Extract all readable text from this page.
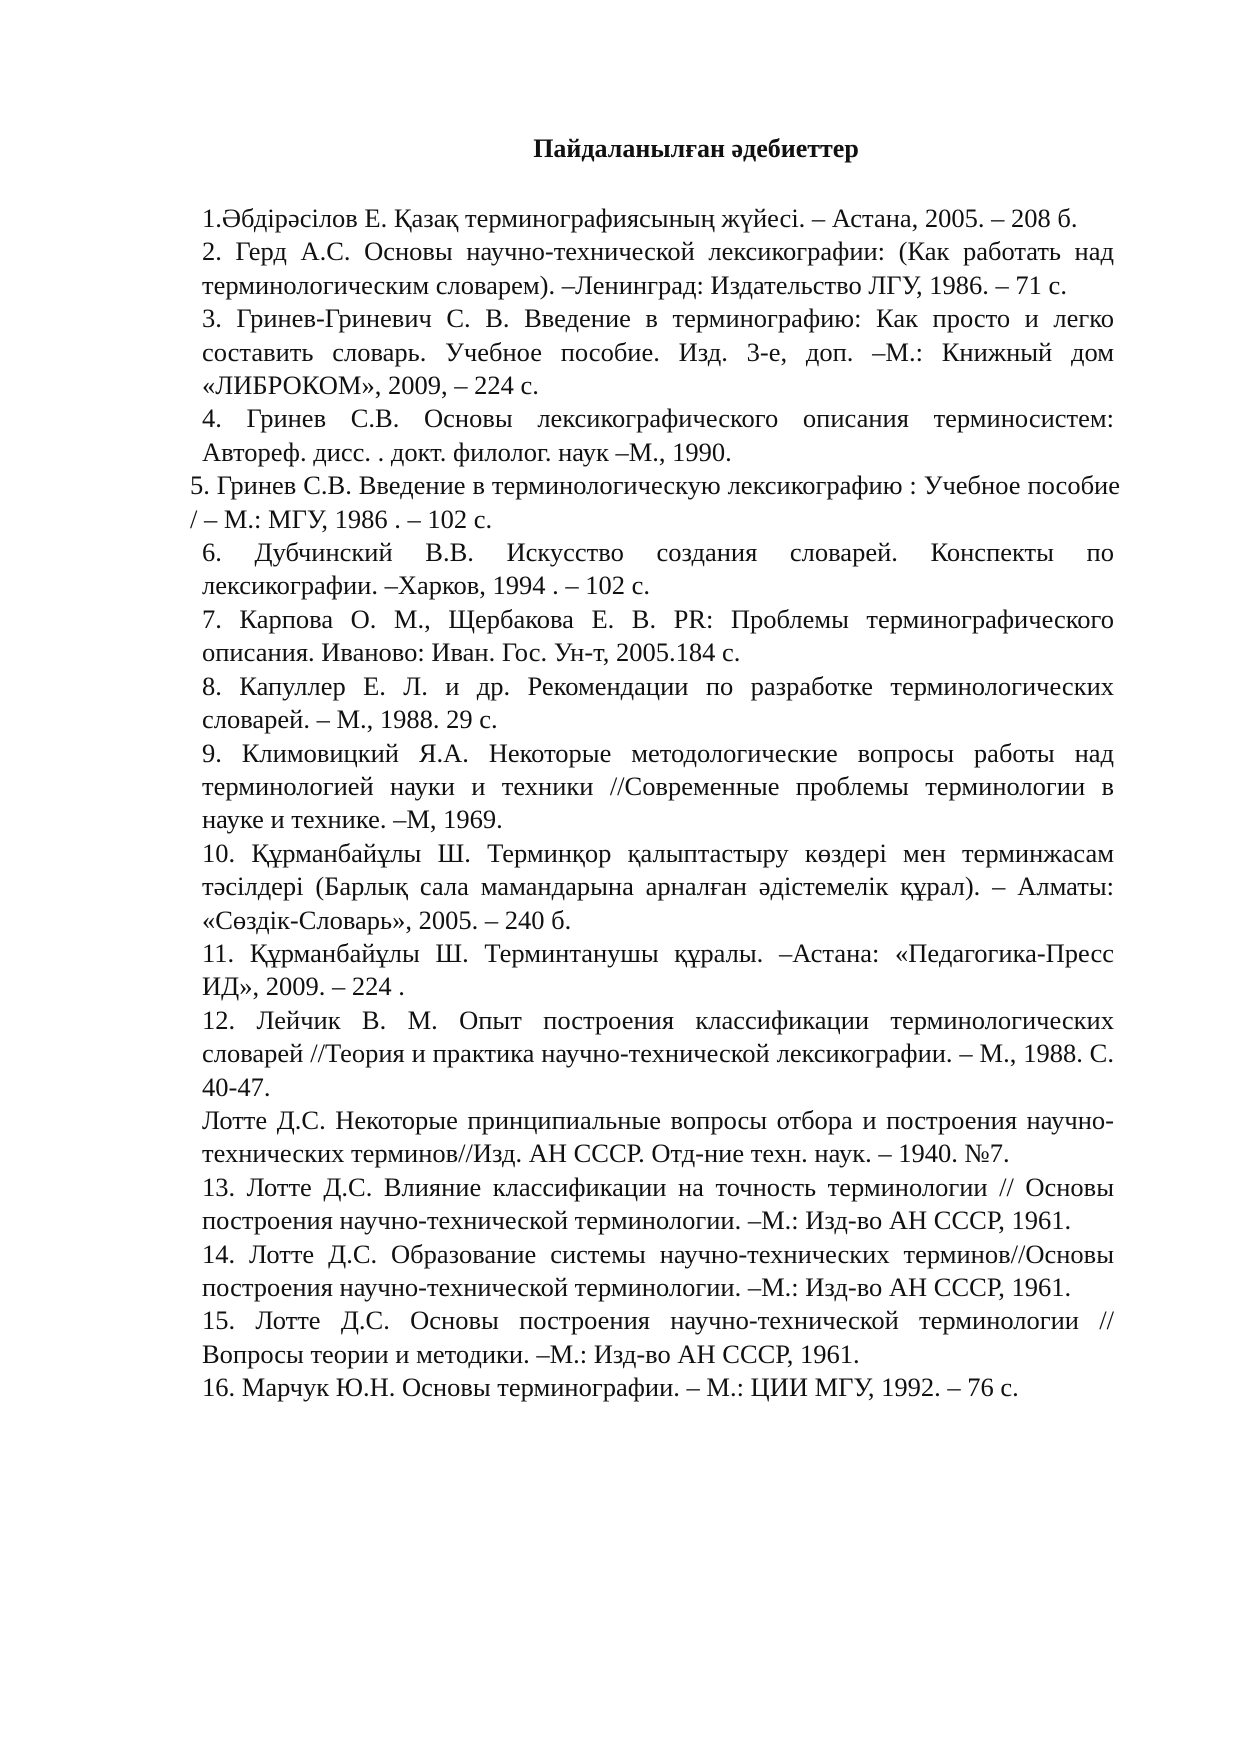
Пайдаланылған әдебиеттер

1.Әбдірәсілов Е. Қазақ терминографиясының жүйесі. – Астана, 2005. – 208 б.

2. Герд А.С. Основы научно-технической лексикографии: (Как работать над терминологическим словарем). –Ленинград: Издательство ЛГУ, 1986. – 71 с.

3. Гринев-Гриневич С. В. Введение в терминографию: Как просто и легко составить словарь. Учебное пособие. Изд. 3-е, доп. –М.: Книжный дом «ЛИБРОКОМ», 2009, – 224 с.

4. Гринев С.В. Основы лексикографического описания терминосистем: Автореф. дисс. . докт. филолог. наук –М., 1990.

5. Гринев С.В. Введение в терминологическую лексикографию : Учебное пособие / – М.: МГУ, 1986 . – 102 с.

6. Дубчинский В.В. Искусство создания словарей. Конспекты по лексикографии. –Харков, 1994 . – 102 с.

7. Карпова О. М., Щербакова Е. В. PR: Проблемы терминографического описания. Иваново: Иван. Гос. Ун-т, 2005.184 с.

8. Капуллер Е. Л. и др. Рекомендации по разработке терминологических словарей. – М., 1988. 29 с.

9. Климовицкий Я.А. Некоторые методологические вопросы работы над терминологией науки и техники //Современные проблемы терминологии в науке и технике. –М, 1969.

10. Құрманбайұлы Ш. Терминқор қалыптастыру көздері мен терминжасам тәсілдері (Барлық сала мамандарына арналған әдістемелік құрал). – Алматы: «Сөздік-Словарь», 2005. – 240 б.

11. Құрманбайұлы Ш. Терминтанушы құралы. –Астана: «Педагогика-Пресс ИД», 2009. – 224 .

12. Лейчик В. М. Опыт построения классификации терминологических словарей //Теория и практика научно-технической лексикографии. – М., 1988. С. 40-47.

Лотте Д.С. Некоторые принципиальные вопросы отбора и построения научно-технических терминов//Изд. АН СССР. Отд-ние техн. наук. – 1940. №7.

13. Лотте Д.С. Влияние классификации на точность терминологии // Основы построения научно-технической терминологии. –М.: Изд-во АН СССР, 1961.

14. Лотте Д.С. Образование системы научно-технических терминов//Основы построения научно-технической терминологии. –М.: Изд-во АН СССР, 1961.

15. Лотте Д.С. Основы построения научно-технической терминологии // Вопросы теории и методики. –М.: Изд-во АН СССР, 1961.

16. Марчук Ю.Н. Основы терминографии. – М.: ЦИИ МГУ, 1992. – 76 с.
